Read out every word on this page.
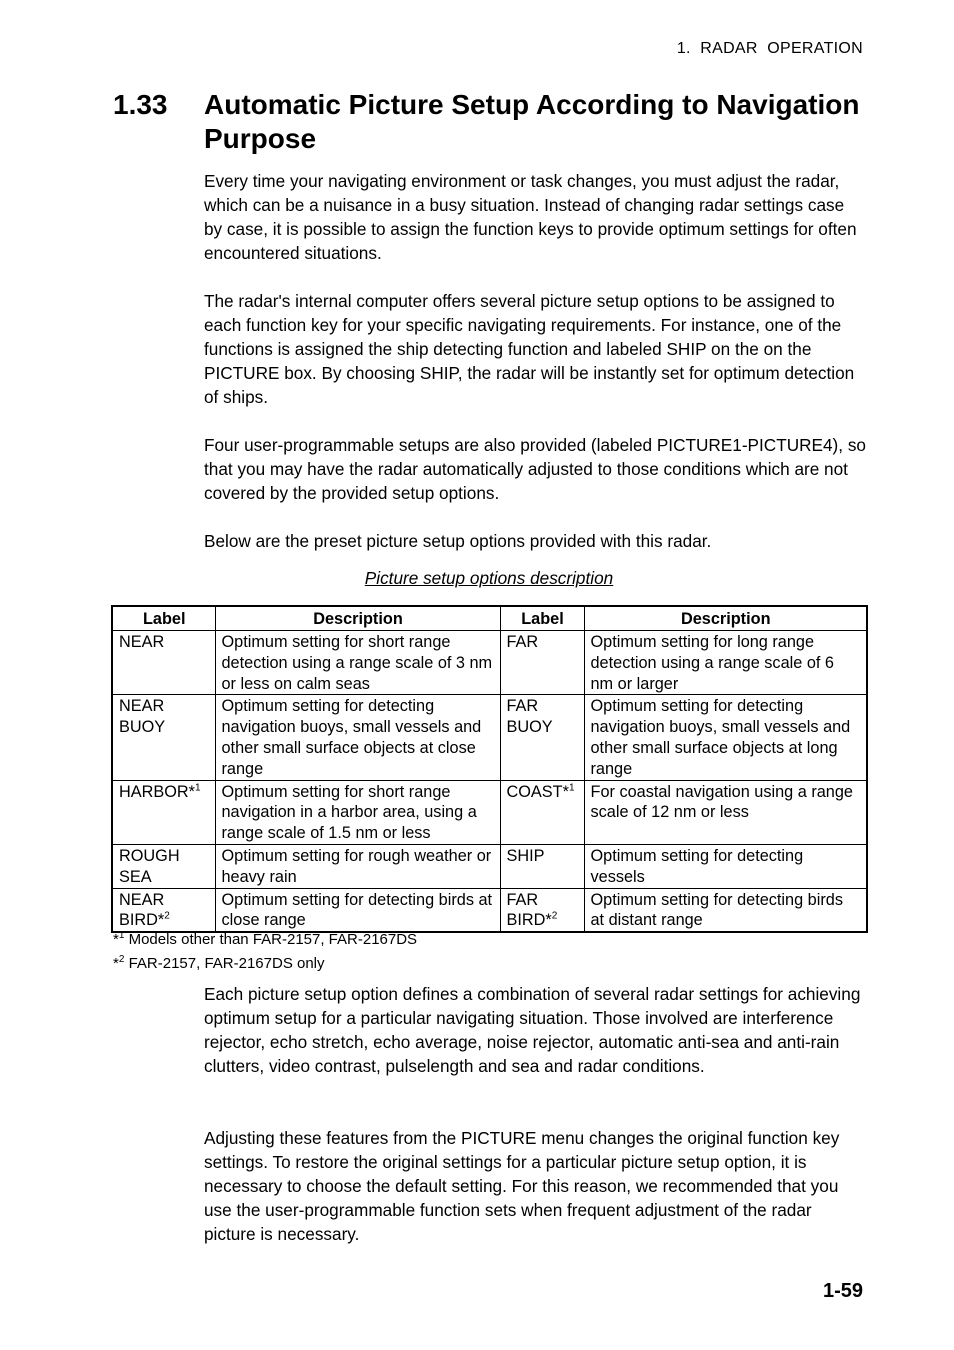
1.  RADAR  OPERATION
1.33 Automatic Picture Setup According to Navigation Purpose

Every time your navigating environment or task changes, you must adjust the radar, which can be a nuisance in a busy situation. Instead of changing radar settings case by case, it is possible to assign the function keys to provide optimum settings for often encountered situations.

The radar's internal computer offers several picture setup options to be assigned to each function key for your specific navigating requirements. For instance, one of the functions is assigned the ship detecting function and labeled SHIP on the on the PICTURE box. By choosing SHIP, the radar will be instantly set for optimum detection of ships.

Four user-programmable setups are also provided (labeled PICTURE1-PICTURE4), so that you may have the radar automatically adjusted to those conditions which are not covered by the provided setup options.

Below are the preset picture setup options provided with this radar.

Picture setup options description
Label	Description	Label	Description
NEAR	Optimum setting for short range detection using a range scale of 3 nm or less on calm seas	FAR	Optimum setting for long range detection using a range scale of 6 nm or larger
NEAR BUOY	Optimum setting for detecting navigation buoys, small vessels and other small surface objects at close range	FAR BUOY	Optimum setting for detecting navigation buoys, small vessels and other small surface objects at long range
HARBOR*$^1$	Optimum setting for short range navigation in a harbor area, using a range scale of 1.5 nm or less	COAST*$^1$	For coastal navigation using a range scale of 12 nm or less
ROUGH SEA	Optimum setting for rough weather or heavy rain	SHIP	Optimum setting for detecting vessels
NEAR BIRD*$^2$	Optimum setting for detecting birds at close range	FAR BIRD*$^2$	Optimum setting for detecting birds at distant range
*$^1$ Models other than FAR-2157, FAR-2167DS
*$^2$ FAR-2157, FAR-2167DS only

Each picture setup option defines a combination of several radar settings for achieving optimum setup for a particular navigating situation. Those involved are interference rejector, echo stretch, echo average, noise rejector, automatic anti-sea and anti-rain clutters, video contrast, pulselength and sea and radar conditions.

Adjusting these features from the PICTURE menu changes the original function key settings. To restore the original settings for a particular picture setup option, it is necessary to choose the default setting. For this reason, we recommended that you use the user-programmable function sets when frequent adjustment of the radar picture is necessary.

1-59
